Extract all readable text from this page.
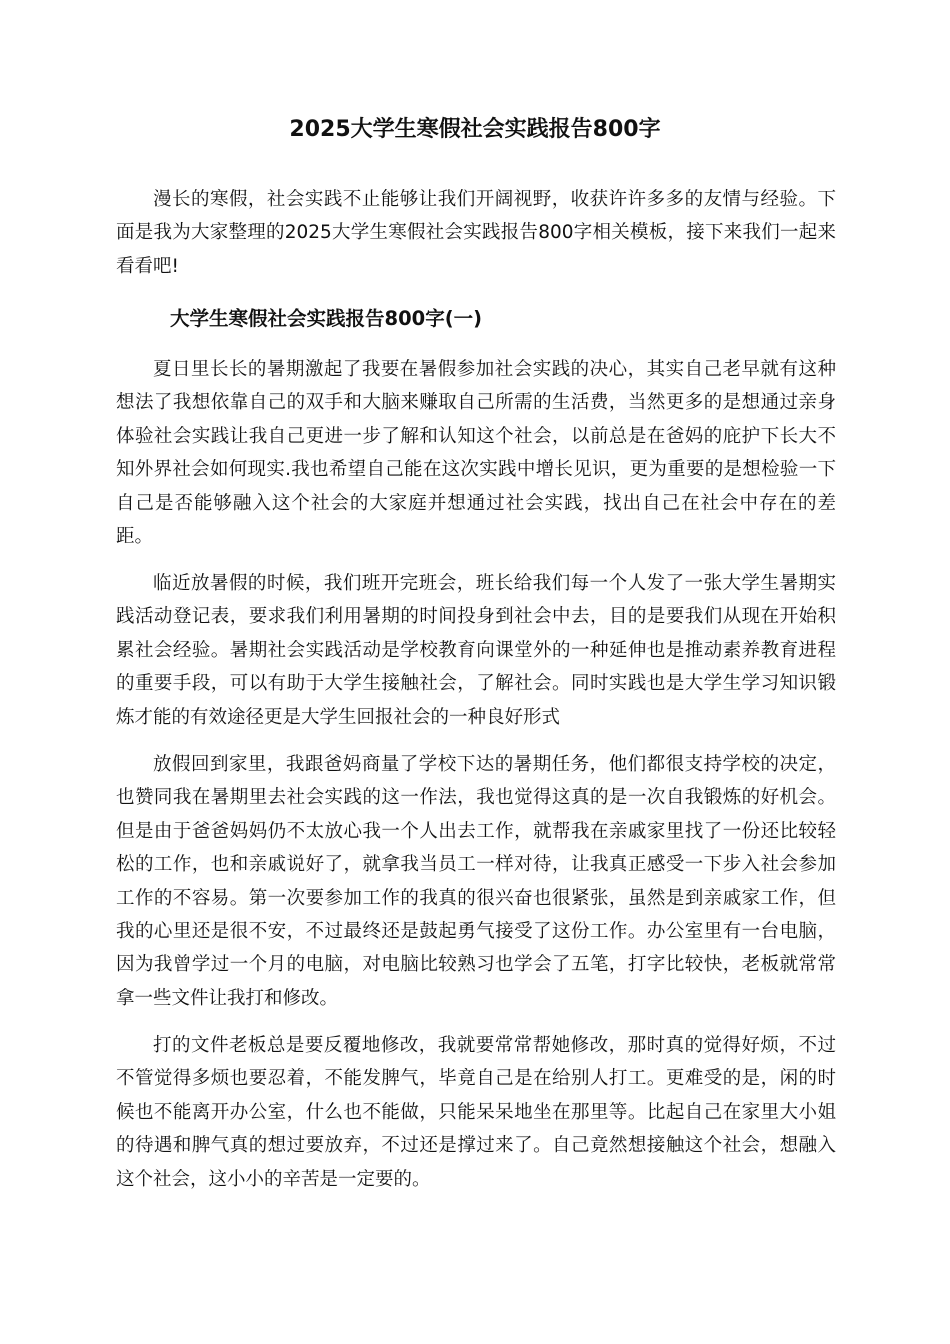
2025大学生寒假社会实践报告800字

漫长的寒假，社会实践不止能够让我们开阔视野，收获许许多多的友情与经验。下面是我为大家整理的2025大学生寒假社会实践报告800字相关模板，接下来我们一起来看看吧!

大学生寒假社会实践报告800字(一)

夏日里长长的暑期激起了我要在暑假参加社会实践的决心，其实自己老早就有这种想法了我想依靠自己的双手和大脑来赚取自己所需的生活费，当然更多的是想通过亲身体验社会实践让我自己更进一步了解和认知这个社会，以前总是在爸妈的庇护下长大不知外界社会如何现实.我也希望自己能在这次实践中增长见识，更为重要的是想检验一下自己是否能够融入这个社会的大家庭并想通过社会实践，找出自己在社会中存在的差距。

临近放暑假的时候，我们班开完班会，班长给我们每一个人发了一张大学生暑期实践活动登记表，要求我们利用暑期的时间投身到社会中去，目的是要我们从现在开始积累社会经验。暑期社会实践活动是学校教育向课堂外的一种延伸也是推动素养教育进程的重要手段，可以有助于大学生接触社会，了解社会。同时实践也是大学生学习知识锻炼才能的有效途径更是大学生回报社会的一种良好形式

放假回到家里，我跟爸妈商量了学校下达的暑期任务，他们都很支持学校的决定，也赞同我在暑期里去社会实践的这一作法，我也觉得这真的是一次自我锻炼的好机会。但是由于爸爸妈妈仍不太放心我一个人出去工作，就帮我在亲戚家里找了一份还比较轻松的工作，也和亲戚说好了，就拿我当员工一样对待，让我真正感受一下步入社会参加工作的不容易。第一次要参加工作的我真的很兴奋也很紧张，虽然是到亲戚家工作，但我的心里还是很不安，不过最终还是鼓起勇气接受了这份工作。办公室里有一台电脑，因为我曾学过一个月的电脑，对电脑比较熟习也学会了五笔，打字比较快，老板就常常拿一些文件让我打和修改。

打的文件老板总是要反覆地修改，我就要常常帮她修改，那时真的觉得好烦，不过不管觉得多烦也要忍着，不能发脾气，毕竟自己是在给别人打工。更难受的是，闲的时候也不能离开办公室，什么也不能做，只能呆呆地坐在那里等。比起自己在家里大小姐的待遇和脾气真的想过要放弃，不过还是撑过来了。自己竟然想接触这个社会，想融入这个社会，这小小的辛苦是一定要的。
